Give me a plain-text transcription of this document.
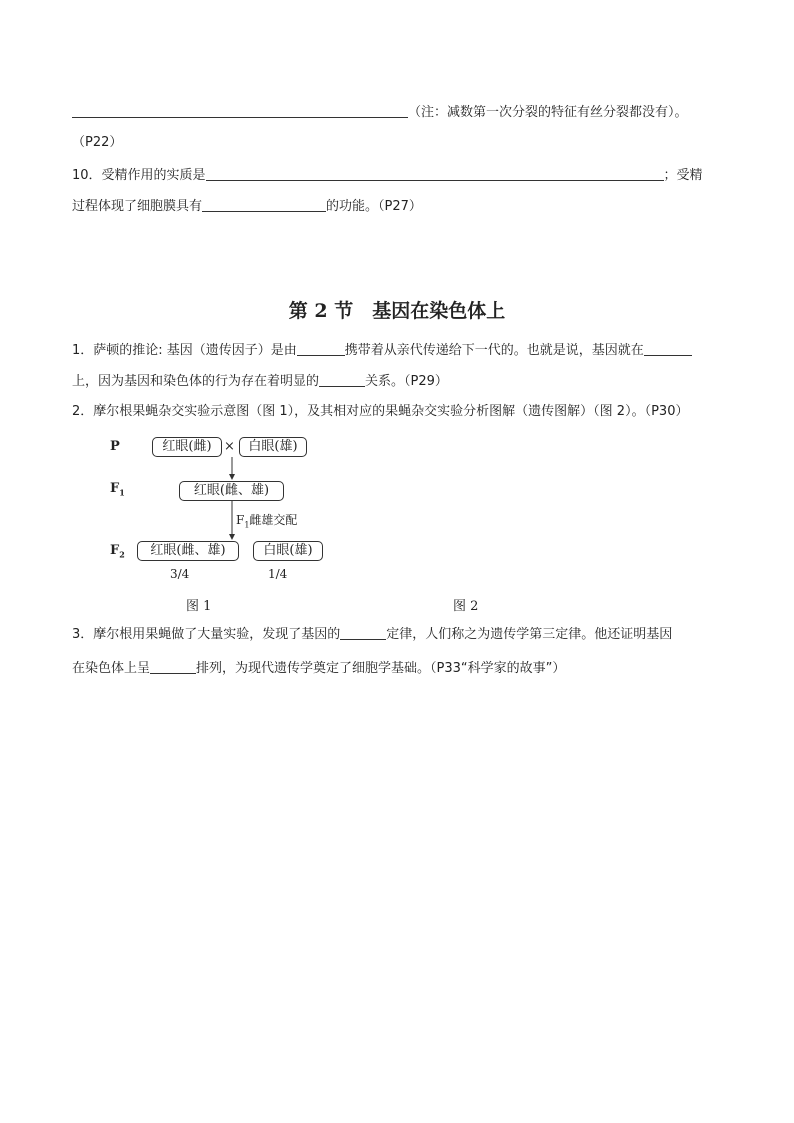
（注：减数第一次分裂的特征有丝分裂都没有）。
（P22）
10．受精作用的实质是	；受精
过程体现了细胞膜具有	的功能。（P27）
第 2 节　基因在染色体上
1．萨顿的推论: 基因（遗传因子）是由	携带着从亲代传递给下一代的。也就是说，基因就在
上，因为基因和染色体的行为存在着明显的	关系。（P29）
2．摩尔根果蝇杂交实验示意图（图 1），及其相对应的果蝇杂交实验分析图解（遗传图解）（图 2）。（P30）
P
$F_1$
$F_2$
红眼(雌) ×	白眼(雄)
红眼(雌、雄)
$F_1$雌雄交配
红眼(雌、雄)	白眼(雄)
3/4	1/4
图 1	图 2
3．摩尔根用果蝇做了大量实验，发现了基因的	定律，人们称之为遗传学第三定律。他还证明基因
在染色体上呈	排列，为现代遗传学奠定了细胞学基础。（P33“科学家的故事”）
